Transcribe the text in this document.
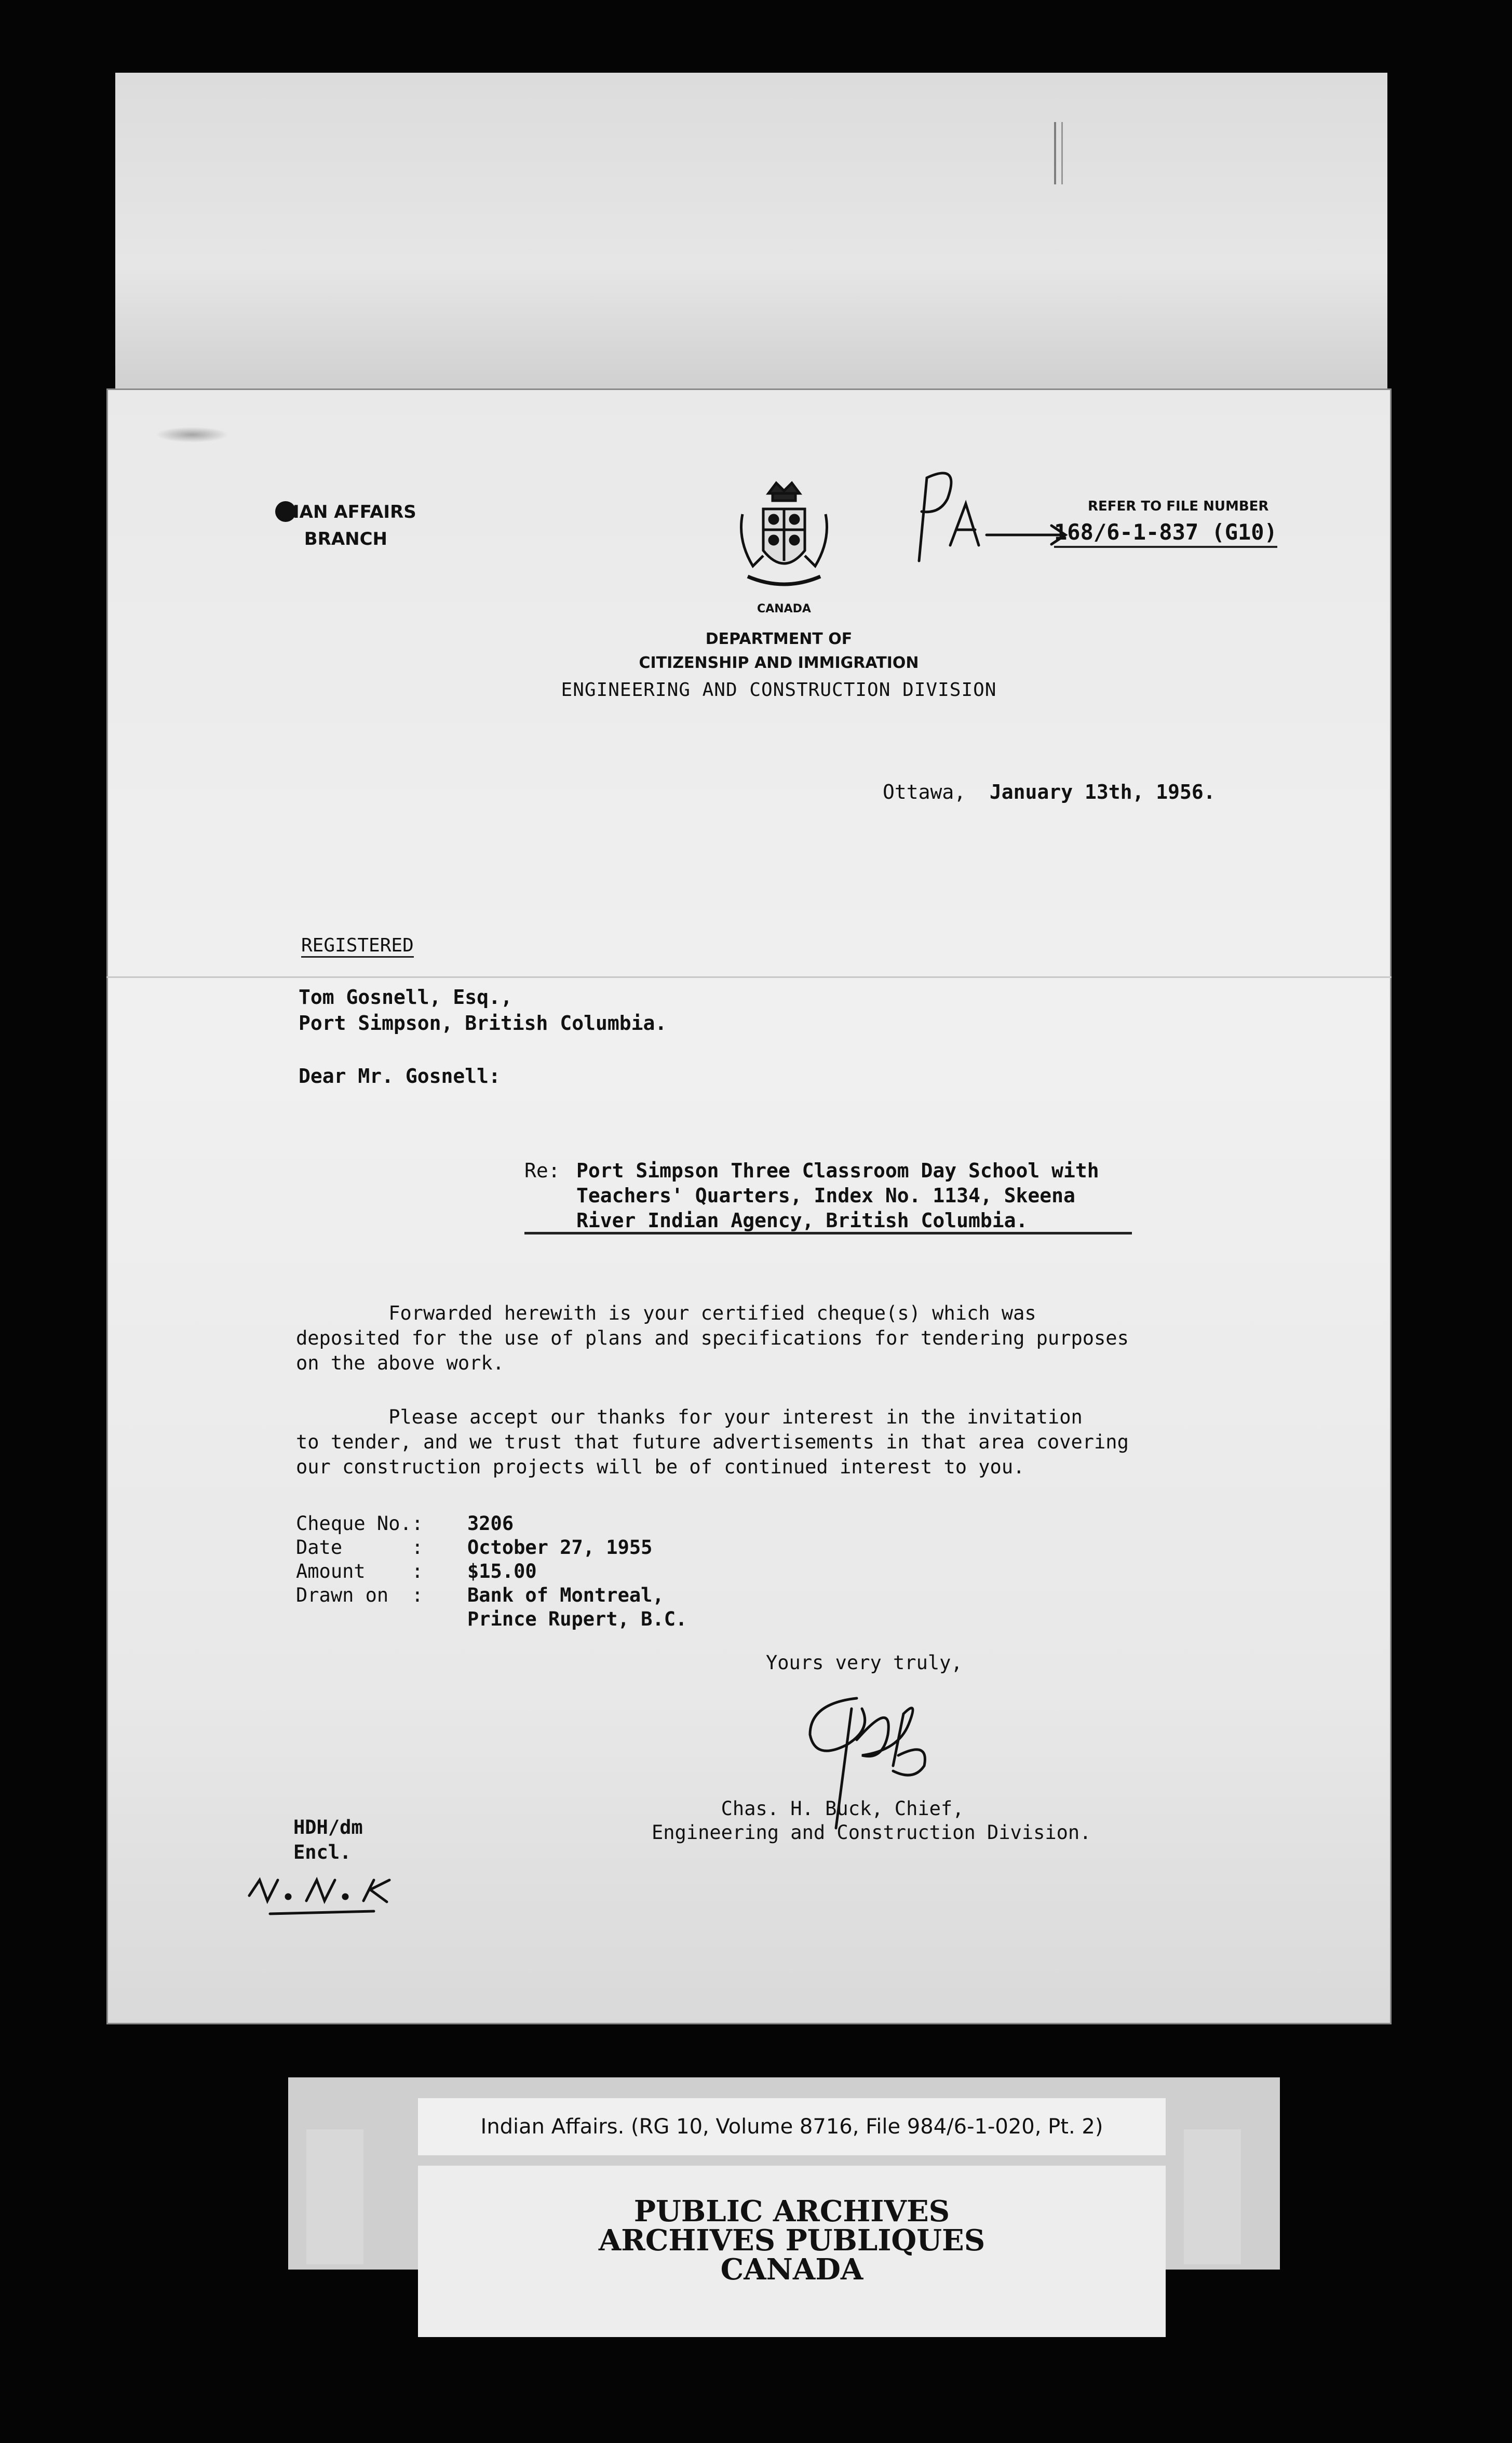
IAN AFFAIRS
BRANCH
CANADA
DEPARTMENT OF
CITIZENSHIP AND IMMIGRATION
ENGINEERING AND CONSTRUCTION DIVISION
PA
REFER TO FILE NUMBER
168/6-1-837 (G10)
Ottawa, January 13th, 1956.
REGISTERED
Tom Gosnell, Esq.,
Port Simpson, British Columbia.
Dear Mr. Gosnell:
Re: Port Simpson Three Classroom Day School with
Teachers' Quarters, Index No. 1134, Skeena
River Indian Agency, British Columbia.
Forwarded herewith is your certified cheque(s) which was
deposited for the use of plans and specifications for tendering purposes
on the above work.
Please accept our thanks for your interest in the invitation
to tender, and we trust that future advertisements in that area covering
our construction projects will be of continued interest to you.
Cheque No.: 3206
Date      : October 27, 1955
Amount    : $15.00
Drawn on  : Bank of Montreal,
Prince Rupert, B.C.
Yours very truly,
Chas. H. Buck, Chief,
Engineering and Construction Division.
HDH/dm
Encl.
Indian Affairs. (RG 10, Volume 8716, File 984/6-1-020, Pt. 2)
PUBLIC ARCHIVES
ARCHIVES PUBLIQUES
CANADA
